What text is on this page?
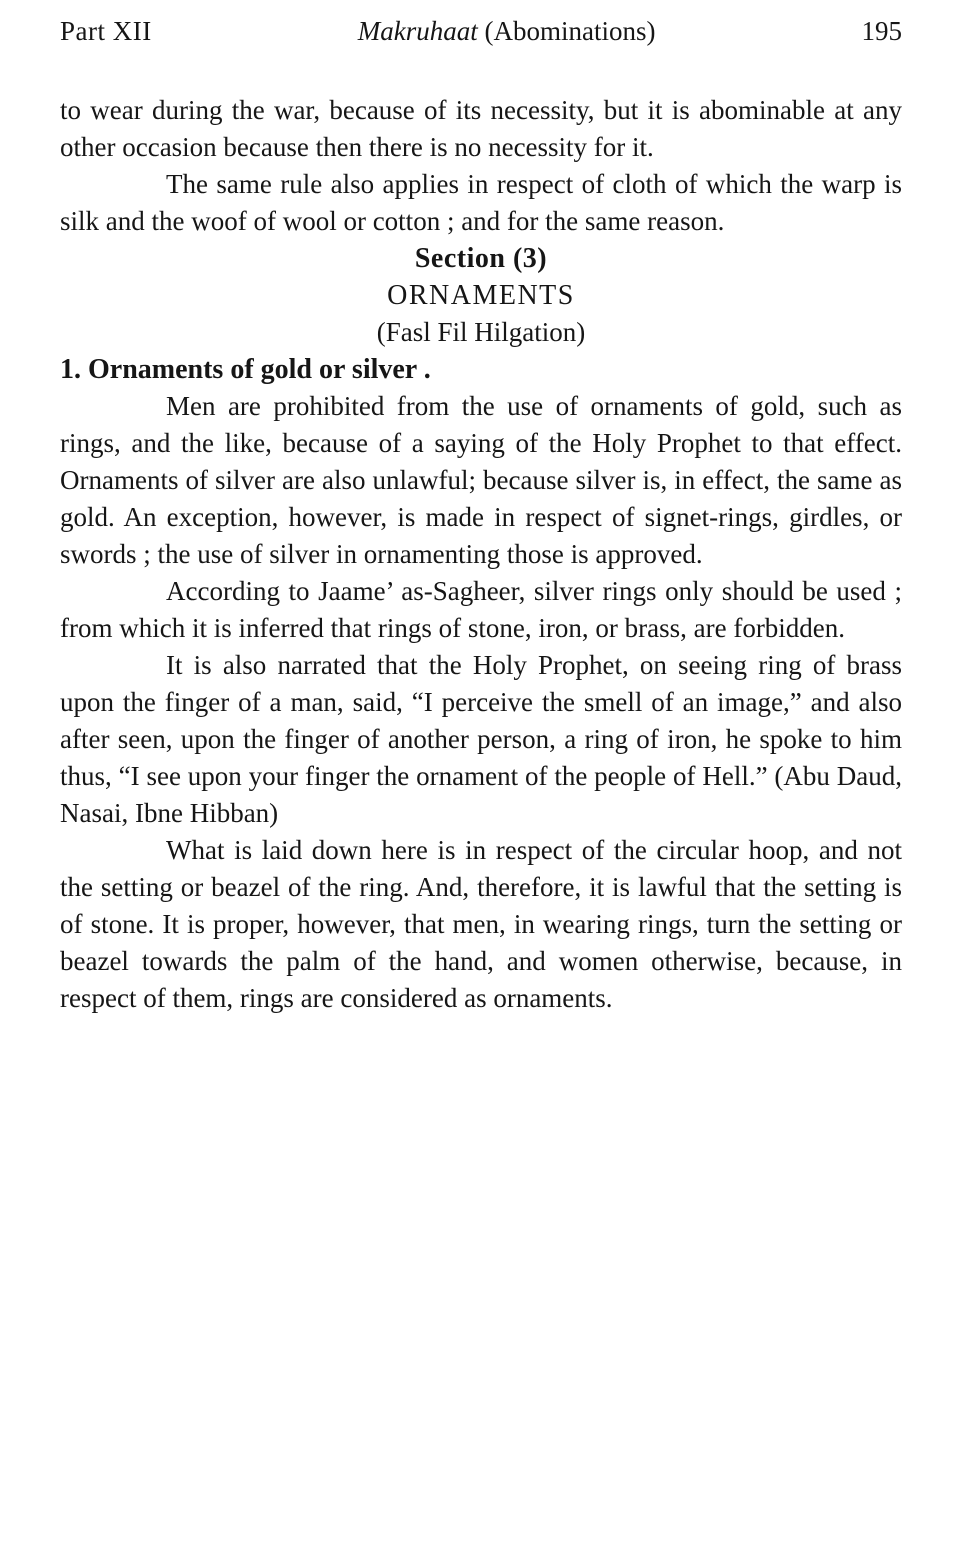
Part XII	Makruhaat (Abominations)	195

to wear during the war, because of its necessity, but it is abominable at any other occasion because then there is no necessity for it.

The same rule also applies in respect of cloth of which the warp is silk and the woof of wool or cotton ; and for the same reason.

Section (3)

ORNAMENTS

(Fasl Fil Hilgation)

1. Ornaments of gold or silver .

Men are prohibited from the use of ornaments of gold, such as rings, and the like, because of a saying of the Holy Prophet to that effect. Ornaments of silver are also unlawful; because silver is, in effect, the same as gold. An exception, however, is made in respect of signet-rings, girdles, or swords ; the use of silver in ornamenting those is approved.

According to Jaame’ as-Sagheer, silver rings only should be used ; from which it is inferred that rings of stone, iron, or brass, are forbidden.

It is also narrated that the Holy Prophet, on seeing ring of brass upon the finger of a man, said, “I perceive the smell of an image,” and also after seen, upon the finger of another person, a ring of iron, he spoke to him thus, “I see upon your finger the ornament of the people of Hell.” (Abu Daud, Nasai, Ibne Hibban)

What is laid down here is in respect of the circular hoop, and not the setting or beazel of the ring. And, therefore, it is lawful that the setting is of stone. It is proper, however, that men, in wearing rings, turn the setting or beazel towards the palm of the hand, and women otherwise, because, in respect of them, rings are considered as ornaments.
